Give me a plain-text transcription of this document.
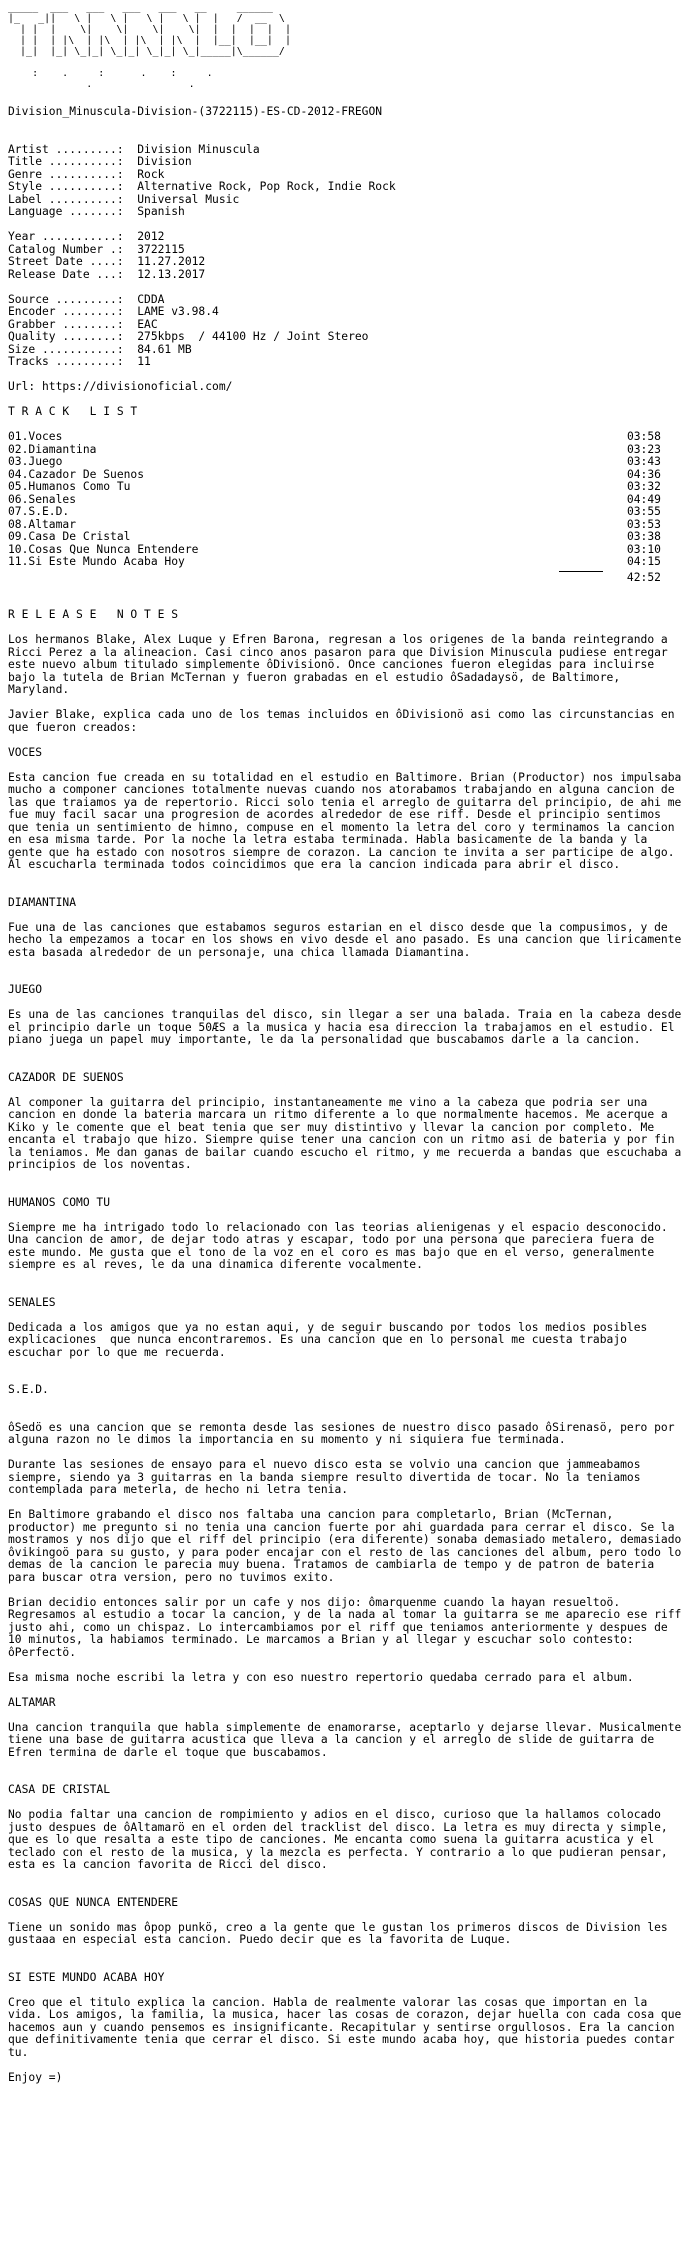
_____  ___   ___   ___   ___   __     ______
|_   _||   \ |   \ |   \ |   \ |  |   /  __  \
| |  |    \|    \|    \|    \|  |  |  |  |  |
| |  | |\  | |\  | |\  | |\  |  |__|  |__|  |
|_|  |_| \_|_| \_|_| \_|_| \_|_____|\______/

:    .     :      .    :     .
.                .
Division_Minuscula-Division-(3722115)-ES-CD-2012-FREGON

Artist .........:  Division Minuscula
Title ..........:  Division
Genre ..........:  Rock
Style ..........:  Alternative Rock, Pop Rock, Indie Rock
Label ..........:  Universal Music
Language .......:  Spanish

Year ...........:  2012
Catalog Number .:  3722115
Street Date ....:  11.27.2012
Release Date ...:  12.13.2017

Source .........:  CDDA
Encoder ........:  LAME v3.98.4
Grabber ........:  EAC
Quality ........:  275kbps  / 44100 Hz / Joint Stereo
Size ...........:  84.61 MB
Tracks .........:  11

Url: https://divisionoficial.com/

T R A C K   L I S T

01.Voces	03:58
02.Diamantina	03:23
03.Juego	03:43
04.Cazador De Suenos	04:36
05.Humanos Como Tu	03:32
06.Senales	04:49
07.S.E.D.	03:55
08.Altamar	03:53
09.Casa De Cristal	03:38
10.Cosas Que Nunca Entendere	03:10
11.Si Este Mundo Acaba Hoy	04:15
42:52

R E L E A S E   N O T E S

Los hermanos Blake, Alex Luque y Efren Barona, regresan a los origenes de la banda reintegrando a Ricci Perez a la alineacion. Casi cinco anos pasaron para que Division Minuscula pudiese entregar este nuevo album titulado simplemente ôDivisionö. Once canciones fueron elegidas para incluirse bajo la tutela de Brian McTernan y fueron grabadas en el estudio ôSadadaysö, de Baltimore, Maryland.

Javier Blake, explica cada uno de los temas incluidos en ôDivisionö asi como las circunstancias en que fueron creados:

VOCES

Esta cancion fue creada en su totalidad en el estudio en Baltimore. Brian (Productor) nos impulsaba mucho a componer canciones totalmente nuevas cuando nos atorabamos trabajando en alguna cancion de las que traiamos ya de repertorio. Ricci solo tenia el arreglo de guitarra del principio, de ahi me fue muy facil sacar una progresion de acordes alrededor de ese riff. Desde el principio sentimos que tenia un sentimiento de himno, compuse en el momento la letra del coro y terminamos la cancion en esa misma tarde. Por la noche la letra estaba terminada. Habla basicamente de la banda y la gente que ha estado con nosotros siempre de corazon. La cancion te invita a ser participe de algo. Al escucharla terminada todos coincidimos que era la cancion indicada para abrir el disco.

DIAMANTINA

Fue una de las canciones que estabamos seguros estarian en el disco desde que la compusimos, y de hecho la empezamos a tocar en los shows en vivo desde el ano pasado. Es una cancion que liricamente  esta basada alrededor de un personaje, una chica llamada Diamantina.

JUEGO

Es una de las canciones tranquilas del disco, sin llegar a ser una balada. Traia en la cabeza desde el principio darle un toque 50ÆS a la musica y hacia esa direccion la trabajamos en el estudio. El piano juega un papel muy importante, le da la personalidad que buscabamos darle a la cancion.

CAZADOR DE SUENOS

Al componer la guitarra del principio, instantaneamente me vino a la cabeza que podria ser una cancion en donde la bateria marcara un ritmo diferente a lo que normalmente hacemos. Me acerque a Kiko y le comente que el beat tenia que ser muy distintivo y llevar la cancion por completo. Me encanta el trabajo que hizo. Siempre quise tener una cancion con un ritmo asi de bateria y por fin la teniamos. Me dan ganas de bailar cuando escucho el ritmo, y me recuerda a bandas que escuchaba a principios de los noventas.

HUMANOS COMO TU

Siempre me ha intrigado todo lo relacionado con las teorias alienigenas y el espacio desconocido. Una cancion de amor, de dejar todo atras y escapar, todo por una persona que pareciera fuera de este mundo. Me gusta que el tono de la voz en el coro es mas bajo que en el verso, generalmente siempre es al reves, le da una dinamica diferente vocalmente.

SENALES

Dedicada a los amigos que ya no estan aqui, y de seguir buscando por todos los medios posibles explicaciones  que nunca encontraremos. Es una cancion que en lo personal me cuesta trabajo escuchar por lo que me recuerda.

S.E.D.

ôSedö es una cancion que se remonta desde las sesiones de nuestro disco pasado ôSirenasö, pero por alguna razon no le dimos la importancia en su momento y ni siquiera fue terminada.

Durante las sesiones de ensayo para el nuevo disco esta se volvio una cancion que jammeabamos siempre, siendo ya 3 guitarras en la banda siempre resulto divertida de tocar. No la teniamos contemplada para meterla, de hecho ni letra tenia.

En Baltimore grabando el disco nos faltaba una cancion para completarlo, Brian (McTernan, productor) me pregunto si no tenia una cancion fuerte por ahi guardada para cerrar el disco. Se la mostramos y nos dijo que el riff del principio (era diferente) sonaba demasiado metalero, demasiado ôvikingoö para su gusto, y para poder encajar con el resto de las canciones del album, pero todo lo demas de la cancion le parecia muy buena. Tratamos de cambiarla de tempo y de patron de bateria para buscar otra version, pero no tuvimos exito.

Brian decidio entonces salir por un cafe y nos dijo: ômarquenme cuando la hayan resueltoö. Regresamos al estudio a tocar la cancion, y de la nada al tomar la guitarra se me aparecio ese riff  justo ahi, como un chispaz. Lo intercambiamos por el riff que teniamos anteriormente y despues de 10 minutos, la habiamos terminado. Le marcamos a Brian y al llegar y escuchar solo contesto: ôPerfectö.

Esa misma noche escribi la letra y con eso nuestro repertorio quedaba cerrado para el album.

ALTAMAR

Una cancion tranquila que habla simplemente de enamorarse, aceptarlo y dejarse llevar. Musicalmente tiene una base de guitarra acustica que lleva a la cancion y el arreglo de slide de guitarra de Efren termina de darle el toque que buscabamos.

CASA DE CRISTAL

No podia faltar una cancion de rompimiento y adios en el disco, curioso que la hallamos colocado justo despues de ôAltamarö en el orden del tracklist del disco. La letra es muy directa y simple, que es lo que resalta a este tipo de canciones. Me encanta como suena la guitarra acustica y el teclado con el resto de la musica, y la mezcla es perfecta. Y contrario a lo que pudieran pensar, esta es la cancion favorita de Ricci del disco.

COSAS QUE NUNCA ENTENDERE

Tiene un sonido mas ôpop punkö, creo a la gente que le gustan los primeros discos de Division les gustaaa en especial esta cancion. Puedo decir que es la favorita de Luque.

SI ESTE MUNDO ACABA HOY

Creo que el titulo explica la cancion. Habla de realmente valorar las cosas que importan en la vida. Los amigos, la familia, la musica, hacer las cosas de corazon, dejar huella con cada cosa que hacemos aun y cuando pensemos es insignificante. Recapitular y sentirse orgullosos. Era la cancion que definitivamente tenia que cerrar el disco. Si este mundo acaba hoy, que historia puedes contar tu.

Enjoy =)
